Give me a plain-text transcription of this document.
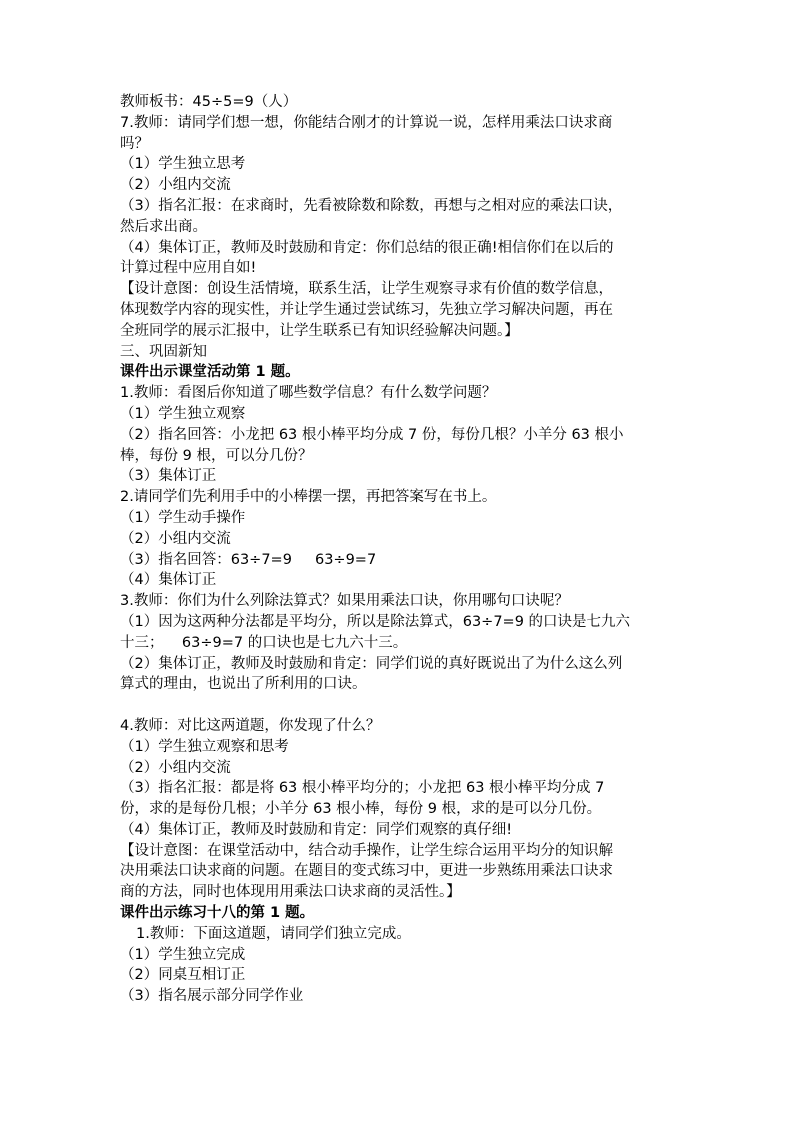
教师板书：45÷5=9（人）
7.教师：请同学们想一想，你能结合刚才的计算说一说，怎样用乘法口诀求商
吗？
（1）学生独立思考
（2）小组内交流
（3）指名汇报：在求商时，先看被除数和除数，再想与之相对应的乘法口诀，
然后求出商。
（4）集体订正，教师及时鼓励和肯定：你们总结的很正确!相信你们在以后的
计算过程中应用自如!
【设计意图：创设生活情境，联系生活，让学生观察寻求有价值的数学信息，
体现数学内容的现实性，并让学生通过尝试练习，先独立学习解决问题，再在
全班同学的展示汇报中，让学生联系已有知识经验解决问题。】
三、巩固新知
课件出示课堂活动第 1 题。
1.教师：看图后你知道了哪些数学信息？有什么数学问题？
（1）学生独立观察
（2）指名回答：小龙把 63 根小棒平均分成 7 份，每份几根？小羊分 63 根小
棒，每份 9 根，可以分几份？
（3）集体订正
2.请同学们先利用手中的小棒摆一摆，再把答案写在书上。
（1）学生动手操作
（2）小组内交流
（3）指名回答：63÷7=9     63÷9=7
（4）集体订正
3.教师：你们为什么列除法算式？如果用乘法口诀，你用哪句口诀呢？
（1）因为这两种分法都是平均分，所以是除法算式，63÷7=9 的口诀是七九六
十三；    63÷9=7 的口诀也是七九六十三。
（2）集体订正，教师及时鼓励和肯定：同学们说的真好既说出了为什么这么列
算式的理由，也说出了所利用的口诀。
4.教师：对比这两道题，你发现了什么？
（1）学生独立观察和思考
（2）小组内交流
（3）指名汇报：都是将 63 根小棒平均分的；小龙把 63 根小棒平均分成 7
份，求的是每份几根；小羊分 63 根小棒，每份 9 根，求的是可以分几份。
（4）集体订正，教师及时鼓励和肯定：同学们观察的真仔细!
【设计意图：在课堂活动中，结合动手操作，让学生综合运用平均分的知识解
决用乘法口诀求商的问题。在题目的变式练习中，更进一步熟练用乘法口诀求
商的方法，同时也体现用用乘法口诀求商的灵活性。】
课件出示练习十八的第 1 题。
1.教师：下面这道题，请同学们独立完成。
（1）学生独立完成
（2）同桌互相订正
（3）指名展示部分同学作业
